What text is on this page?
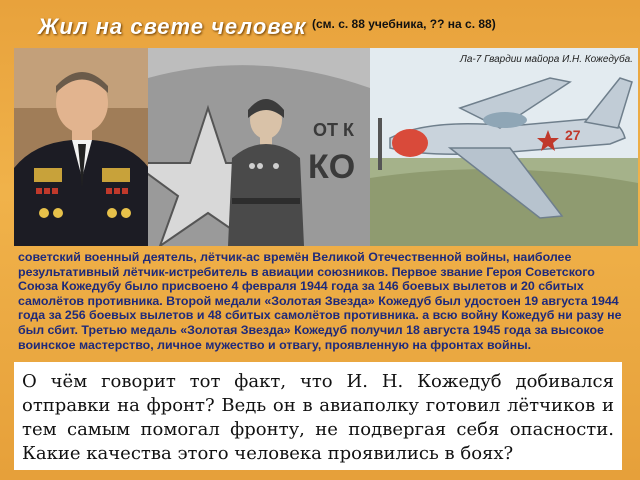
Жил на свете человек (см. с. 88 учебника, ?? на с. 88)
ОТ К
КО
27
Ла-7 Гвардии майора И.Н. Кожедуба.
советский военный деятель, лётчик-ас времён Великой Отечественной войны, наиболее результативный лётчик-истребитель в авиации союзников. Первое звание Героя Советского Союза Кожедубу было присвоено 4 февраля 1944 года за 146 боевых вылетов и 20 сбитых самолётов противника. Второй медали «Золотая Звезда» Кожедуб был удостоен 19 августа 1944 года за 256 боевых вылетов и 48 сбитых самолётов противника. а всю войну Кожедуб ни разу не был сбит. Третью медаль «Золотая Звезда» Кожедуб получил 18 августа 1945 года за высокое воинское мастерство, личное мужество и отвагу, проявленную на фронтах войны.
О чём говорит тот факт, что И. Н. Кожедуб добивался отправки на фронт? Ведь он в авиаполку готовил лётчиков и тем самым помогал фронту, не подвергая себя опасности. Какие качества этого человека проявились в боях?
